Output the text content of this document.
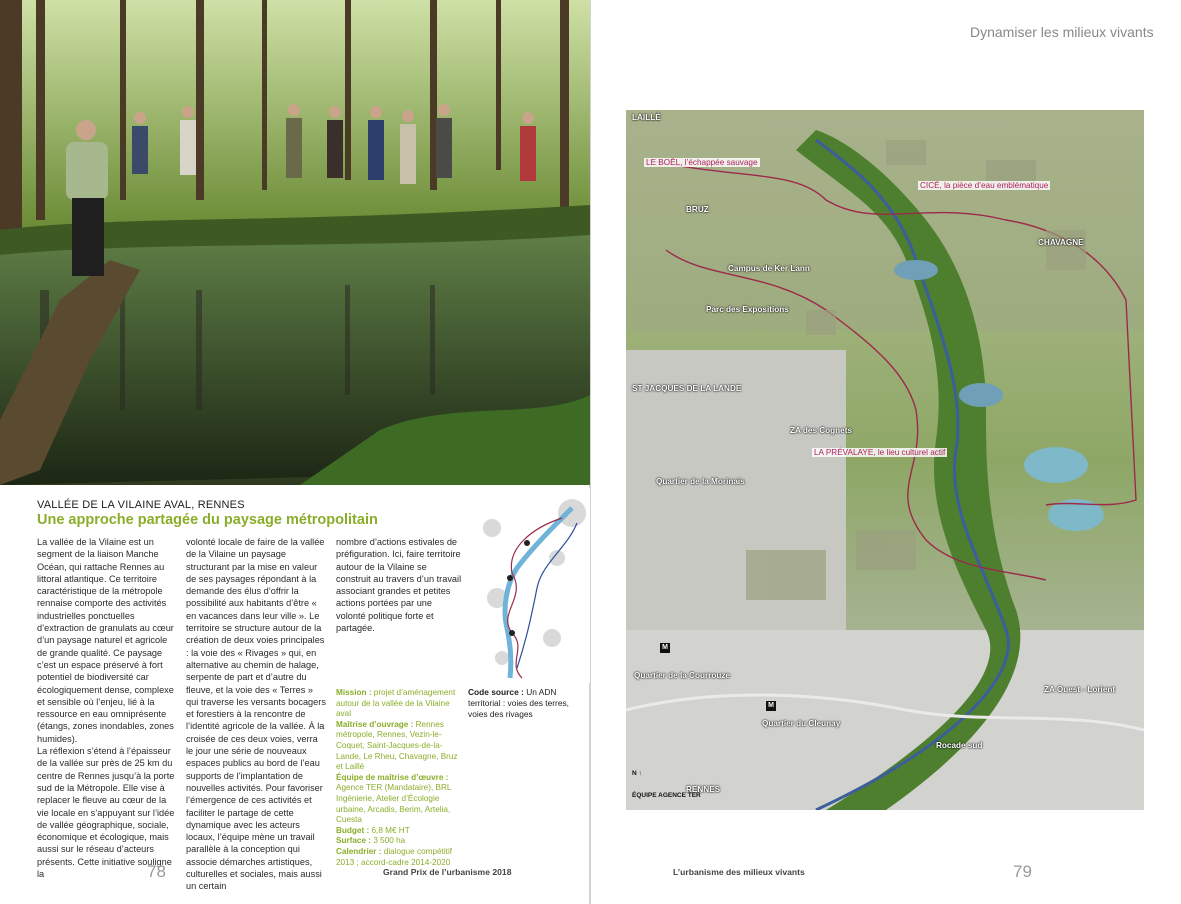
VALLÉE DE LA VILAINE AVAL, RENNES
Une approche partagée du paysage métropolitain

La vallée de la Vilaine est un segment de la liaison Manche Océan, qui rattache Rennes au littoral atlantique. Ce territoire caractéristique de la métropole rennaise comporte des activités industrielles ponctuelles d’extraction de granulats au cœur d’un paysage naturel et agricole de grande qualité. Ce paysage c’est un espace préservé à fort potentiel de biodiversité car écologiquement dense, complexe et sensible où l’enjeu, lié à la ressource en eau omniprésente (étangs, zones inondables, zones humides).

La réflexion s’étend à l’épaisseur de la vallée sur près de 25 km du centre de Rennes jusqu’à la porte sud de la Métropole. Elle vise à replacer le fleuve au cœur de la vie locale en s’appuyant sur l’idée de vallée géographique, sociale, économique et écologique, mais aussi sur le réseau d’acteurs présents. Cette initiative souligne la

volonté locale de faire de la vallée de la Vilaine un paysage structurant par la mise en valeur de ses paysages répondant à la demande des élus d’offrir la possibilité aux habitants d’être « en vacances dans leur ville ». Le territoire se structure autour de la création de deux voies principales : la voie des « Rivages » qui, en alternative au chemin de halage, serpente de part et d’autre du fleuve, et la voie des « Terres » qui traverse les versants bocagers et forestiers à la rencontre de l’identité agricole de la vallée. À la croisée de ces deux voies, verra le jour une série de nouveaux espaces publics au bord de l’eau supports de l’implantation de nouvelles activités. Pour favoriser l’émergence de ces activités et faciliter le partage de cette dynamique avec les acteurs locaux, l’équipe mène un travail parallèle à la conception qui associe démarches artistiques, culturelles et sociales, mais aussi un certain

nombre d’actions estivales de préfiguration. Ici, faire territoire autour de la Vilaine se construit au travers d’un travail associant grandes et petites actions portées par une volonté politique forte et partagée.

Mission : projet d’aménagement autour de la vallée de la Vilaine aval
Maîtrise d’ouvrage : Rennes métropole, Rennes, Vezin-le-Coquet, Saint-Jacques-de-la-Lande, Le Rheu, Chavagne, Bruz et Laillé
Équipe de maîtrise d’œuvre : Agence TER (Mandataire), BRL Ingénierie, Atelier d’Écologie urbaine, Arcadis, Berim, Artelia, Cuesta
Budget : 6,8 M€ HT
Surface : 3 500 ha
Calendrier : dialogue compétitif 2013 ; accord-cadre 2014-2020
Code source : Un ADN territorial : voies des terres, voies des rivages
78	Grand Prix de l’urbanisme 2018
Dynamiser les milieux vivants
LAILLÉ
BRUZ
CHAVAGNE
Campus de Ker Lann
Parc des Expositions
ST JACQUES DE LA LANDE
ZA des Cognets
Quartier de la Morinais
Quartier de la Courrouze
Quartier du Cleunay
RENNES
ZA Ouest - Lorient
Rocade sud
LE BOËL, l’échappée sauvage
CICÉ, la pièce d’eau emblématique
LA PRÉVALAYE, le lieu culturel actif
M
M
N ↑
ÉQUIPE AGENCE TER
L’urbanisme des milieux vivants	79
